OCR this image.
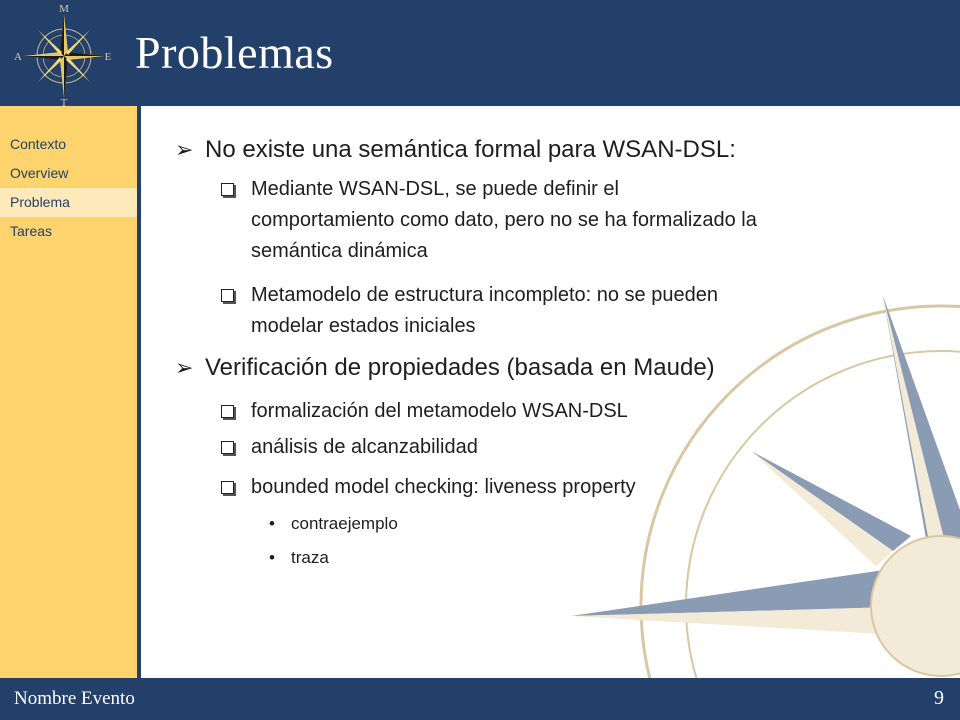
M
T
E
A Problemas
Contexto
Overview
Problema
Tareas
➢ No existe una semántica formal para WSAN-DSL:
Mediante WSAN-DSL, se puede definir el
comportamiento como dato, pero no se ha formalizado la
semántica dinámica
Metamodelo de estructura incompleto: no se pueden
modelar estados iniciales
➢ Verificación de propiedades (basada en Maude)
formalización del metamodelo WSAN-DSL
análisis de alcanzabilidad
bounded model checking: liveness property
• contraejemplo
• traza
Nombre Evento	9
